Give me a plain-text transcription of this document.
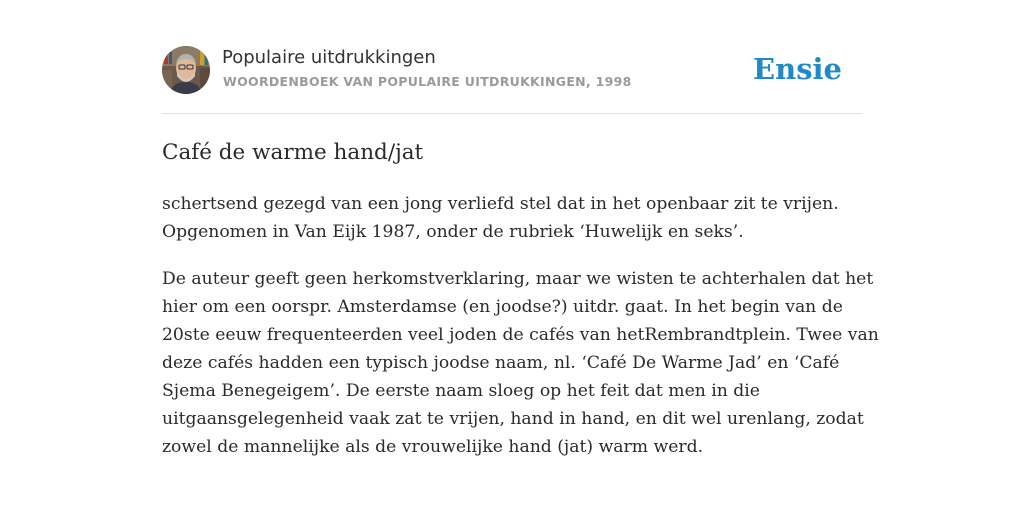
Populaire uitdrukkingen
WOORDENBOEK VAN POPULAIRE UITDRUKKINGEN, 1998	Ensie
Café de warme hand/jat
schertsend gezegd van een jong verliefd stel dat in het openbaar zit te vrijen.
Opgenomen in Van Eijk 1987, onder de rubriek ‘Huwelijk en seks’.
De auteur geeft geen herkomstverklaring, maar we wisten te achterhalen dat het
hier om een oorspr. Amsterdamse (en joodse?) uitdr. gaat. In het begin van de
20ste eeuw frequenteerden veel joden de cafés van hetRembrandtplein. Twee van
deze cafés hadden een typisch joodse naam, nl. ‘Café De Warme Jad’ en ‘Café
Sjema Benegeigem’. De eerste naam sloeg op het feit dat men in die
uitgaansgelegenheid vaak zat te vrijen, hand in hand, en dit wel urenlang, zodat
zowel de mannelijke als de vrouwelijke hand (jat) warm werd.
